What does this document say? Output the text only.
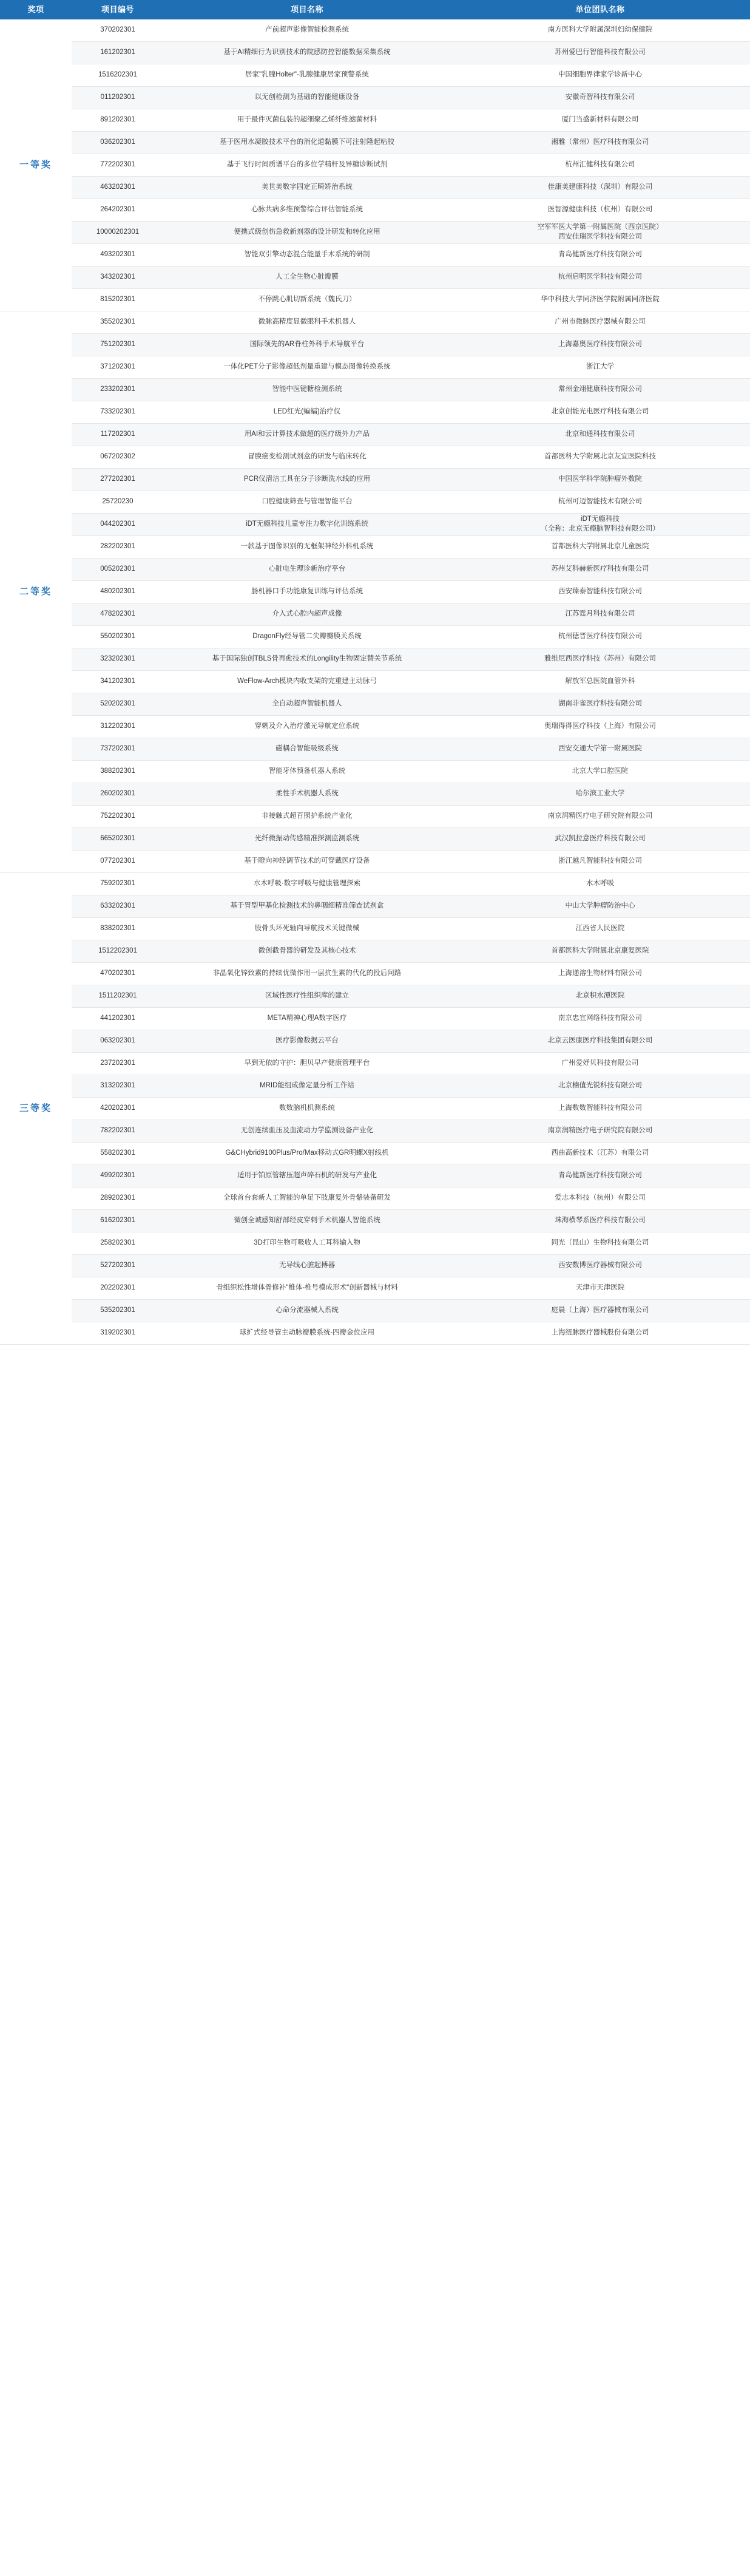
奖项	项目编号	项目名称	单位团队名称
一等奖	370202301	产前超声影像智能检测系统	南方医科大学附属深圳妇幼保健院
	161202301	基于AI精细行为识别技术的院感防控智能数据采集系统	苏州爱巴行智能科技有限公司
	1516202301	居家"乳腺Holter"-乳腺健康居家预警系统	中国细胞界律家学诊新中心
	011202301	以无创检测为基础的智能健康设备	安徽奇智科技有限公司
	891202301	用于最件灭菌包装的超细聚乙烯纤维滤菌材料	厦门当盛新材料有限公司
	036202301	基于医用水凝胶技术平台的消化道黏膜下可注射隆起粘胶	湘雅（常州）医疗科技有限公司
	772202301	基于飞行时间质谱平台的多位学精杆及异糖诊断试剂	杭州汇健科技有限公司
	463202301	美世美数字固定正畸矫治系统	佳康美建康科技（深圳）有限公司
	264202301	心脉共病多维预警综合评估智能系统	医智源健康科技（杭州）有限公司
	10000202301	便携式级创伤急救新剂器的设计研发和转化应用	空军军医大学第一附属医院（西京医院）
西安佳瑞医学科技有限公司
	493202301	智能双引擎动态混合能量手术系统的研制	青岛健新医疗科技有限公司
	343202301	人工全生物心脏瓣膜	杭州启明医学科技有限公司
	815202301	不停跳心肌切新系统（魏氏刀）	华中科技大学同济医学院附属同济医院
二等奖	355202301	微脉高精度显微眼科手术机器人	广州市微脉医疗器械有限公司
	751202301	国际领先的AR脊柱外科手术导航平台	上海嘉奥医疗科技有限公司
	371202301	一体化PET分子影像超低剂量重建与模态图像转换系统	浙江大学
	233202301	智能中医键糖检测系统	常州金翊健康科技有限公司
	733202301	LED红光(蝙蝠)治疗仪	北京创能光电医疗科技有限公司
	117202301	用AI和云计算技术做超的医疗级外力产品	北京和通科技有限公司
	067202302	冒膜癌变检测试剂盒的研发与临床转化	首都医科大学附属北京友宜医院科技
	277202301	PCR仪清洁工具在分子诊断洗水线的应用	中国医学科学院肿瘤外数院
	25720230	口腔健康筛查与管理智能平台	杭州可迈智能技术有限公司
	044202301	iDT无瘾科技儿童专注力数字化训练系统	iDT无瘾科技
（全称：北京无瘾脑智科技有限公司）
	282202301	一款基于图像识别的无框架神经外科机系统	首都医科大学附属北京儿童医院
	005202301	心脏电生理诊新治疗平台	苏州艾科赫新医疗科技有限公司
	480202301	肠机器口手功能康复训练与评估系统	西安臻泰智能科技有限公司
	478202301	介入式心腔内超声成像	江苏霆月科技有限公司
	550202301	DragonFly经导管二尖瓣瓣膜关系统	杭州德晋医疗科技有限公司
	323202301	基于国际独创TBLS骨再愈技术的Longility生物固定替关节系统	雅维尼西医疗科技（苏州）有限公司
	341202301	WeFlow-Arch模块内收支架的完重建主动脉弓	解放军总医院血管外科
	520202301	全自动超声智能机器人	湖南非雀医疗科技有限公司
	312202301	穿刺及介入治疗激光导航定位系统	奥瑞得得医疗科技（上海）有限公司
	737202301	磁耦合智能吸级系统	西安交通大学第一附属医院
	388202301	智能牙体预备机器人系统	北京大学口腔医院
	260202301	柔性手术机器人系统	哈尔滨工业大学
	752202301	非接触式超百照护系统产业化	南京润精医疗电子研究院有限公司
	665202301	光纤微振动传感精准探测监测系统	武汉凯拉意医疗科技有限公司
	077202301	基于瞪向神经调节技术的可穿戴医疗设备	浙江越凡智能科技有限公司
三等奖	759202301	水木呼吸·数字呼吸与健康管理探索	水木呼吸
	633202301	基于胃型甲基化检测技术的鼻咽细精准筛查试剂盒	中山大学肿瘤防治中心
	838202301	股骨头坏死轴向导航技术关键微械	江西省人民医院
	1512202301	微创截骨器的研发及其核心技术	首都医科大学附属北京康复医院
	470202301	非晶氧化锌致素的持续优微作用一层抗生素的代化的投后问路	上海递溶生物材料有限公司
	1511202301	区域性医疗性组织库的建立	北京积水潭医院
	441202301	META精神心理A数字医疗	南京忠宜网络科技有限公司
	063202301	医疗影像数据云平台	北京云医康医疗科技集团有限公司
	237202301	早到无依的守护：胆贝早产健康管理平台	广州爱妤贝科技有限公司
	313202301	MRID能组成像定量分析工作站	北京楠值光锐科技有限公司
	420202301	数数脑机机测系统	上海数数智能科技有限公司
	782202301	无创连续血压及血流动力学监测设备产业化	南京润精医疗电子研究院有限公司
	558202301	G&CHybrid9100Plus/Pro/Max移动式GR明螺X射线机	西曲高新技术（江苏）有限公司
	499202301	适用于铂原管辖压超声碎石机的研发与产业化	青岛健新医疗科技有限公司
	289202301	全球首台套新人工智能的单足下肢康复外骨骼装备研发	爱志本科技（杭州）有限公司
	616202301	微创全诚感知舒部经皮穿刺手术机器人智能系统	珠海横琴系医疗科技有限公司
	258202301	3D打印生物可吸收人工耳科输入物	同光（昆山）生物科技有限公司
	527202301	无导线心脏起搏器	西安数博医疗器械有限公司
	202202301	骨组织松性增体骨修补"椎体-椎号模成形术"创新器械与材料	天津市天津医院
	535202301	心命分流器械入系统	庭晨（上海）医疗器械有限公司
	319202301	球扩式经导管主动脉瓣膜系统-四瓣金位应用	上海纽脉医疗器械股份有限公司
